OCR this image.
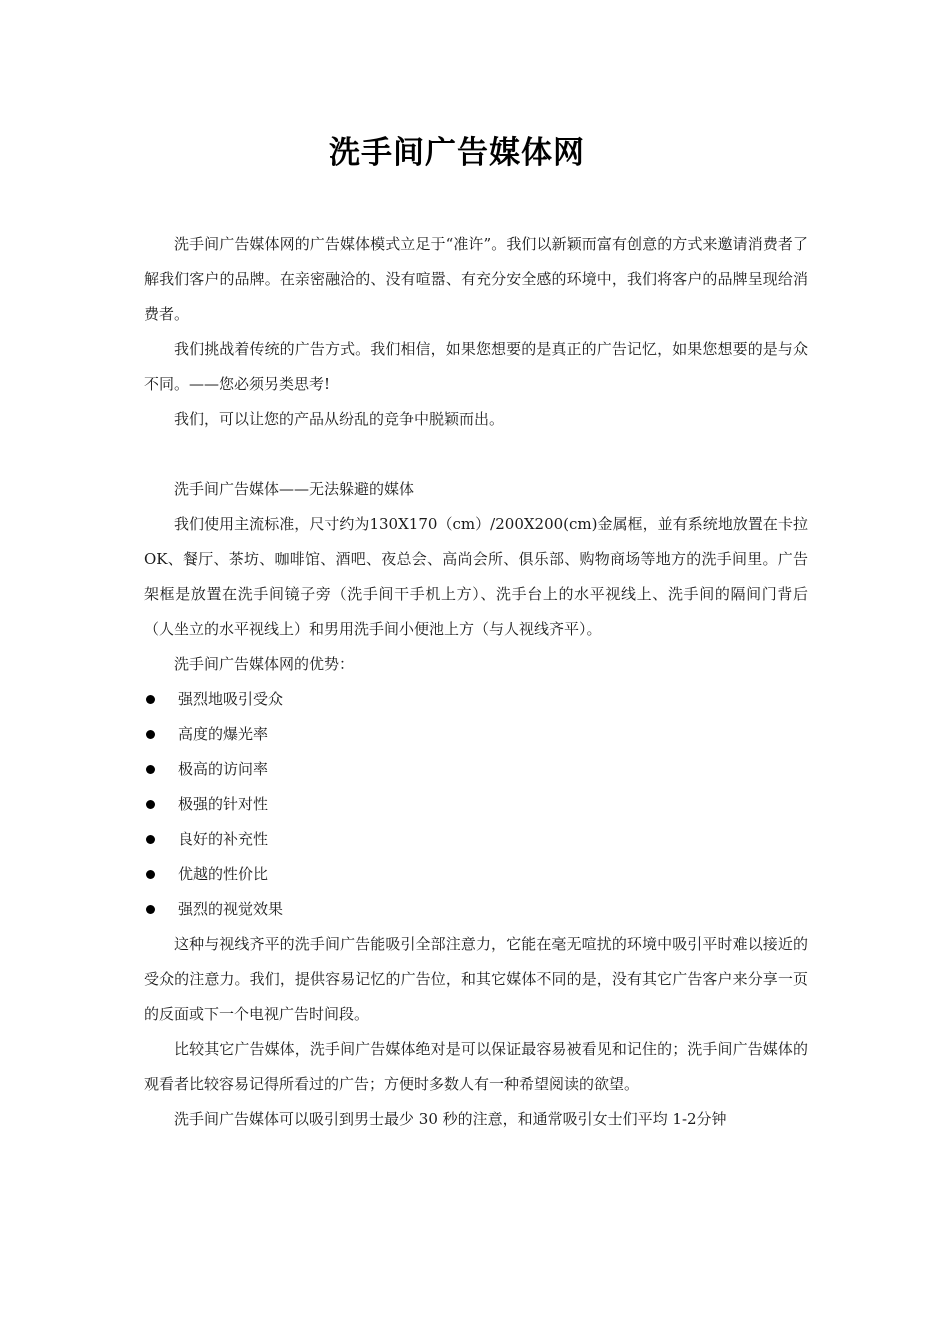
洗手间广告媒体网

洗手间广告媒体网的广告媒体模式立足于“准许”。我们以新颖而富有创意的方式来邀请消费者了解我们客户的品牌。在亲密融洽的、没有喧嚣、有充分安全感的环境中，我们将客户的品牌呈现给消费者。

我们挑战着传统的广告方式。我们相信，如果您想要的是真正的广告记忆，如果您想要的是与众不同。——您必须另类思考!

我们，可以让您的产品从纷乱的竞争中脱颖而出。

洗手间广告媒体——无法躲避的媒体

我们使用主流标准，尺寸约为130X170（cm）/200X200(cm)金属框，並有系统地放置在卡拉OK、餐厅、茶坊、咖啡馆、酒吧、夜总会、高尚会所、俱乐部、购物商场等地方的洗手间里。广告架框是放置在洗手间镜子旁（洗手间干手机上方）、洗手台上的水平视线上、洗手间的隔间门背后（人坐立的水平视线上）和男用洗手间小便池上方（与人视线齐平）。

洗手间广告媒体网的优势：

强烈地吸引受众
高度的爆光率
极高的访问率
极强的针对性
良好的补充性
优越的性价比
强烈的视觉效果

这种与视线齐平的洗手间广告能吸引全部注意力，它能在毫无喧扰的环境中吸引平时难以接近的受众的注意力。我们，提供容易记忆的广告位，和其它媒体不同的是，没有其它广告客户来分享一页的反面或下一个电视广告时间段。

比较其它广告媒体，洗手间广告媒体绝对是可以保证最容易被看见和记住的；洗手间广告媒体的观看者比较容易记得所看过的广告；方便时多数人有一种希望阅读的欲望。

洗手间广告媒体可以吸引到男士最少 30 秒的注意，和通常吸引女士们平均 1-2分钟
